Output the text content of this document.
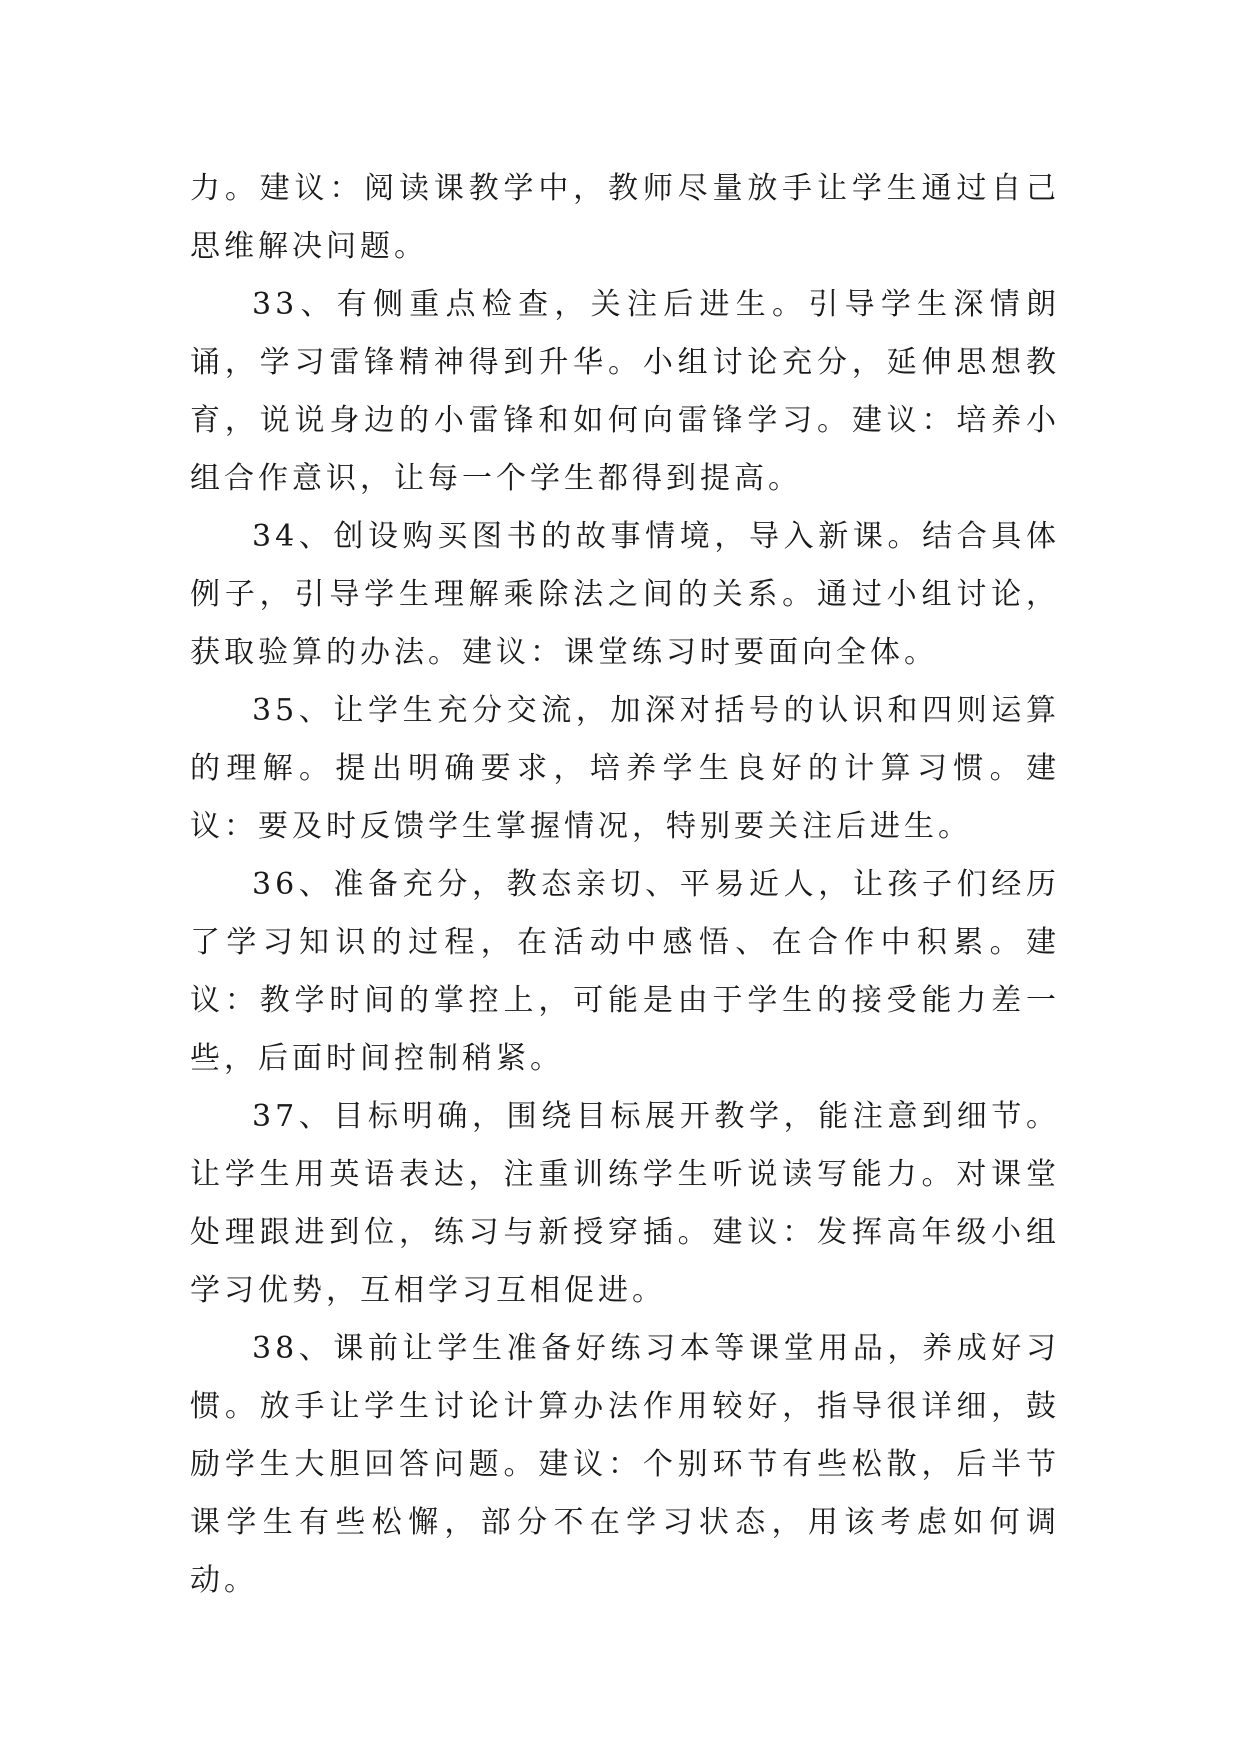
力。建议：阅读课教学中，教师尽量放手让学生通过自己思维解决问题。

33、有侧重点检查，关注后进生。引导学生深情朗诵，学习雷锋精神得到升华。小组讨论充分，延伸思想教育，说说身边的小雷锋和如何向雷锋学习。建议：培养小组合作意识，让每一个学生都得到提高。

34、创设购买图书的故事情境，导入新课。结合具体例子，引导学生理解乘除法之间的关系。通过小组讨论，获取验算的办法。建议：课堂练习时要面向全体。

35、让学生充分交流，加深对括号的认识和四则运算的理解。提出明确要求，培养学生良好的计算习惯。建议：要及时反馈学生掌握情况，特别要关注后进生。

36、准备充分，教态亲切、平易近人，让孩子们经历了学习知识的过程，在活动中感悟、在合作中积累。建议：教学时间的掌控上，可能是由于学生的接受能力差一些，后面时间控制稍紧。

37、目标明确，围绕目标展开教学，能注意到细节。让学生用英语表达，注重训练学生听说读写能力。对课堂处理跟进到位，练习与新授穿插。建议：发挥高年级小组学习优势，互相学习互相促进。

38、课前让学生准备好练习本等课堂用品，养成好习惯。放手让学生讨论计算办法作用较好，指导很详细，鼓励学生大胆回答问题。建议：个别环节有些松散，后半节课学生有些松懈，部分不在学习状态，用该考虑如何调动。
